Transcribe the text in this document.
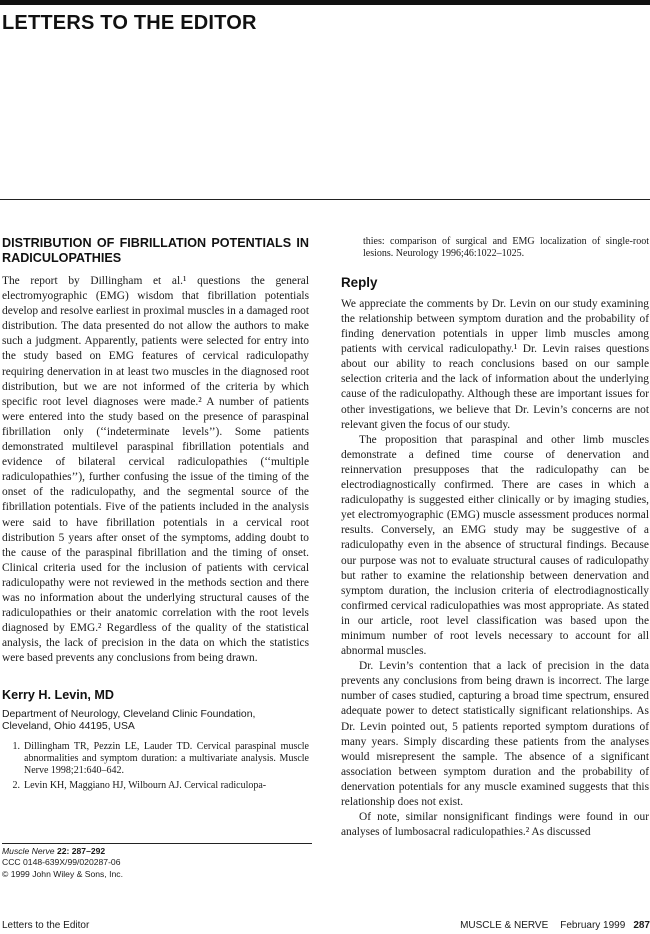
LETTERS TO THE EDITOR
DISTRIBUTION OF FIBRILLATION POTENTIALS IN RADICULOPATHIES

The report by Dillingham et al.¹ questions the general electromyographic (EMG) wisdom that fibrillation potentials develop and resolve earliest in proximal muscles in a damaged root distribution. The data presented do not allow the authors to make such a judgment. Apparently, patients were selected for entry into the study based on EMG features of cervical radiculopathy requiring denervation in at least two muscles in the diagnosed root distribution, but we are not informed of the criteria by which specific root level diagnoses were made.² A number of patients were entered into the study based on the presence of paraspinal fibrillation only (‘‘indeterminate levels’’). Some patients demonstrated multilevel paraspinal fibrillation potentials and evidence of bilateral cervical radiculopathies (‘‘multiple radiculopathies’’), further confusing the issue of the timing of the onset of the radiculopathy, and the segmental source of the fibrillation potentials. Five of the patients included in the analysis were said to have fibrillation potentials in a cervical root distribution 5 years after onset of the symptoms, adding doubt to the cause of the paraspinal fibrillation and the timing of onset. Clinical criteria used for the inclusion of patients with cervical radiculopathy were not reviewed in the methods section and there was no information about the underlying structural causes of the radiculopathies or their anatomic correlation with the root levels diagnosed by EMG.² Regardless of the quality of the statistical analysis, the lack of precision in the data on which the statistics were based prevents any conclusions from being drawn.

Kerry H. Levin, MD
Department of Neurology, Cleveland Clinic Foundation,
Cleveland, Ohio 44195, USA
1. Dillingham TR, Pezzin LE, Lauder TD. Cervical paraspinal muscle abnormalities and symptom duration: a multivariate analysis. Muscle Nerve 1998;21:640–642.
2. Levin KH, Maggiano HJ, Wilbourn AJ. Cervical radiculopa-

thies: comparison of surgical and EMG localization of single-root lesions. Neurology 1996;46:1022–1025.

Reply

We appreciate the comments by Dr. Levin on our study examining the relationship between symptom duration and the probability of finding denervation potentials in upper limb muscles among patients with cervical radiculopathy.¹ Dr. Levin raises questions about our ability to reach conclusions based on our sample selection criteria and the lack of information about the underlying cause of the radiculopathy. Although these are important issues for other investigations, we believe that Dr. Levin’s concerns are not relevant given the focus of our study.

The proposition that paraspinal and other limb muscles demonstrate a defined time course of denervation and reinnervation presupposes that the radiculopathy can be electrodiagnostically confirmed. There are cases in which a radiculopathy is suggested either clinically or by imaging studies, yet electromyographic (EMG) muscle assessment produces normal results. Conversely, an EMG study may be suggestive of a radiculopathy even in the absence of structural findings. Because our purpose was not to evaluate structural causes of radiculopathy but rather to examine the relationship between denervation and symptom duration, the inclusion criteria of electrodiagnostically confirmed cervical radiculopathies was most appropriate. As stated in our article, root level classification was based upon the minimum number of root levels necessary to account for all abnormal muscles.

Dr. Levin’s contention that a lack of precision in the data prevents any conclusions from being drawn is incorrect. The large number of cases studied, capturing a broad time spectrum, ensured adequate power to detect statistically significant relationships. As Dr. Levin pointed out, 5 patients reported symptom durations of many years. Simply discarding these patients from the analyses would misrepresent the sample. The absence of a significant association between symptom duration and the probability of denervation potentials for any muscle examined suggests that this relationship does not exist.

Of note, similar nonsignificant findings were found in our analyses of lumbosacral radiculopathies.² As discussed

Muscle Nerve 22: 287–292
CCC 0148-639X/99/020287-06
© 1999 John Wiley & Sons, Inc.
Letters to the Editor	MUSCLE & NERVE February 1999 287
